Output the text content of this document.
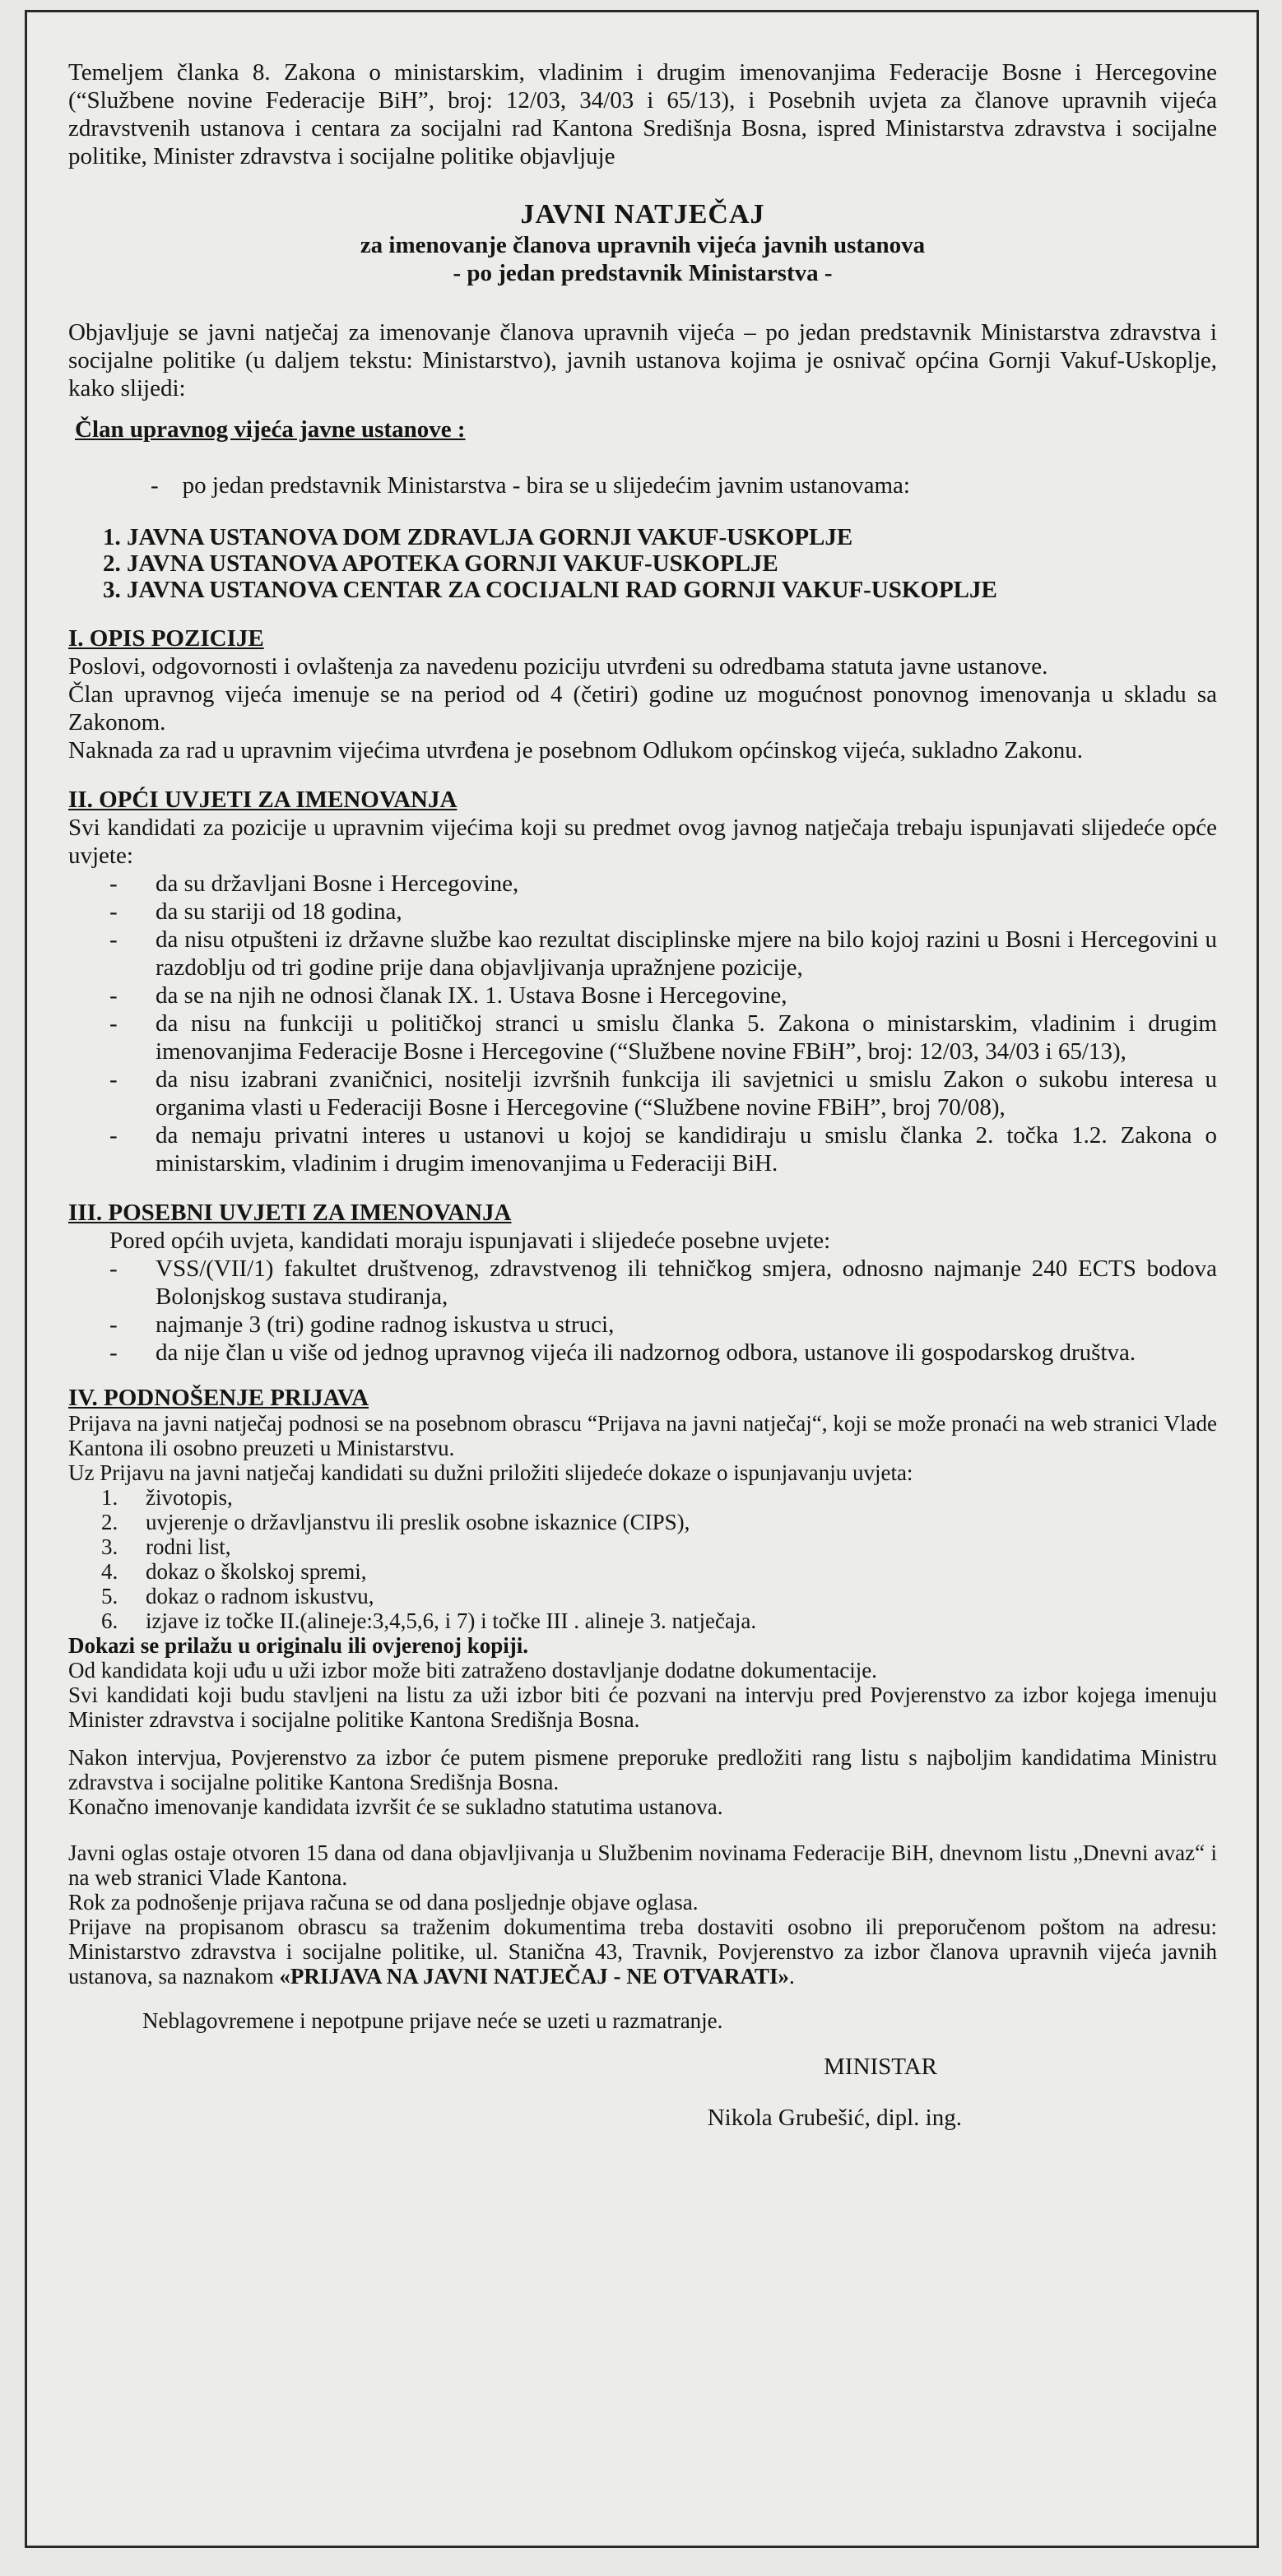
Temeljem članka 8. Zakona o ministarskim, vladinim i drugim imenovanjima Federacije Bosne i Hercegovine (“Službene novine Federacije BiH”, broj: 12/03, 34/03 i 65/13), i Posebnih uvjeta za članove upravnih vijeća zdravstvenih ustanova i centara za socijalni rad Kantona Središnja Bosna, ispred Ministarstva zdravstva i socijalne politike, Minister zdravstva i socijalne politike objavljuje

JAVNI NATJEČAJ

za imenovanje članova upravnih vijeća javnih ustanova

- po jedan predstavnik Ministarstva -

Objavljuje se javni natječaj za imenovanje članova upravnih vijeća – po jedan predstavnik Ministarstva zdravstva i socijalne politike (u daljem tekstu: Ministarstvo), javnih ustanova kojima je osnivač općina Gornji Vakuf-Uskoplje, kako slijedi:

Član upravnog vijeća javne ustanove :

- po jedan predstavnik Ministarstva - bira se u slijedećim javnim ustanovama:

1. JAVNA USTANOVA DOM ZDRAVLJA GORNJI VAKUF-USKOPLJE

2. JAVNA USTANOVA APOTEKA GORNJI VAKUF-USKOPLJE

3. JAVNA USTANOVA CENTAR ZA COCIJALNI RAD GORNJI VAKUF-USKOPLJE

I. OPIS POZICIJE

Poslovi, odgovornosti i ovlaštenja za navedenu poziciju utvrđeni su odredbama statuta javne ustanove.

Član upravnog vijeća imenuje se na period od 4 (četiri) godine uz mogućnost ponovnog imenovanja u skladu sa Zakonom.

Naknada za rad u upravnim vijećima utvrđena je posebnom Odlukom općinskog vijeća, sukladno Zakonu.

II. OPĆI UVJETI ZA IMENOVANJA

Svi kandidati za pozicije u upravnim vijećima koji su predmet ovog javnog natječaja trebaju ispunjavati slijedeće opće uvjete:

- da su državljani Bosne i Hercegovine,
- da su stariji od 18 godina,
- da nisu otpušteni iz državne službe kao rezultat disciplinske mjere na bilo kojoj razini u Bosni i Hercegovini u razdoblju od tri godine prije dana objavljivanja upražnjene pozicije,
- da se na njih ne odnosi članak IX. 1. Ustava Bosne i Hercegovine,
- da nisu na funkciji u političkoj stranci u smislu članka 5. Zakona o ministarskim, vladinim i drugim imenovanjima Federacije Bosne i Hercegovine (“Službene novine FBiH”, broj: 12/03, 34/03 i 65/13),
- da nisu izabrani zvaničnici, nositelji izvršnih funkcija ili savjetnici u smislu Zakon o sukobu interesa u organima vlasti u Federaciji Bosne i Hercegovine (“Službene novine FBiH”, broj 70/08),
- da nemaju privatni interes u ustanovi u kojoj se kandidiraju u smislu članka 2. točka 1.2. Zakona o ministarskim, vladinim i drugim imenovanjima u Federaciji BiH.

III. POSEBNI UVJETI ZA IMENOVANJA

Pored općih uvjeta, kandidati moraju ispunjavati i slijedeće posebne uvjete:

- VSS/(VII/1) fakultet društvenog, zdravstvenog ili tehničkog smjera, odnosno najmanje 240 ECTS bodova Bolonjskog sustava studiranja,
- najmanje 3 (tri) godine radnog iskustva u struci,
- da nije član u više od jednog upravnog vijeća ili nadzornog odbora, ustanove ili gospodarskog društva.

IV. PODNOŠENJE PRIJAVA

Prijava na javni natječaj podnosi se na posebnom obrascu “Prijava na javni natječaj“, koji se može pronaći na web stranici Vlade Kantona ili osobno preuzeti u Ministarstvu.

Uz Prijavu na javni natječaj kandidati su dužni priložiti slijedeće dokaze o ispunjavanju uvjeta:

1. životopis,
2. uvjerenje o državljanstvu ili preslik osobne iskaznice (CIPS),
3. rodni list,
4. dokaz o školskoj spremi,
5. dokaz o radnom iskustvu,
6. izjave iz točke II.(alineje:3,4,5,6, i 7) i točke III . alineje 3. natječaja.

Dokazi se prilažu u originalu ili ovjerenoj kopiji.

Od kandidata koji uđu u uži izbor može biti zatraženo dostavljanje dodatne dokumentacije.

Svi kandidati koji budu stavljeni na listu za uži izbor biti će pozvani na intervju pred Povjerenstvo za izbor kojega imenuju Minister zdravstva i socijalne politike Kantona Središnja Bosna.

Nakon intervjua, Povjerenstvo za izbor će putem pismene preporuke predložiti rang listu s najboljim kandidatima Ministru zdravstva i socijalne politike Kantona Središnja Bosna.

Konačno imenovanje kandidata izvršit će se sukladno statutima ustanova.

Javni oglas ostaje otvoren 15 dana od dana objavljivanja u Službenim novinama Federacije BiH, dnevnom listu „Dnevni avaz“ i na web stranici Vlade Kantona.

Rok za podnošenje prijava računa se od dana posljednje objave oglasa.

Prijave na propisanom obrascu sa traženim dokumentima treba dostaviti osobno ili preporučenom poštom na adresu: Ministarstvo zdravstva i socijalne politike, ul. Stanična 43, Travnik, Povjerenstvo za izbor članova upravnih vijeća javnih ustanova, sa naznakom «PRIJAVA NA JAVNI NATJEČAJ - NE OTVARATI».

Neblagovremene i nepotpune prijave neće se uzeti u razmatranje.

MINISTAR

Nikola Grubešić, dipl. ing.
